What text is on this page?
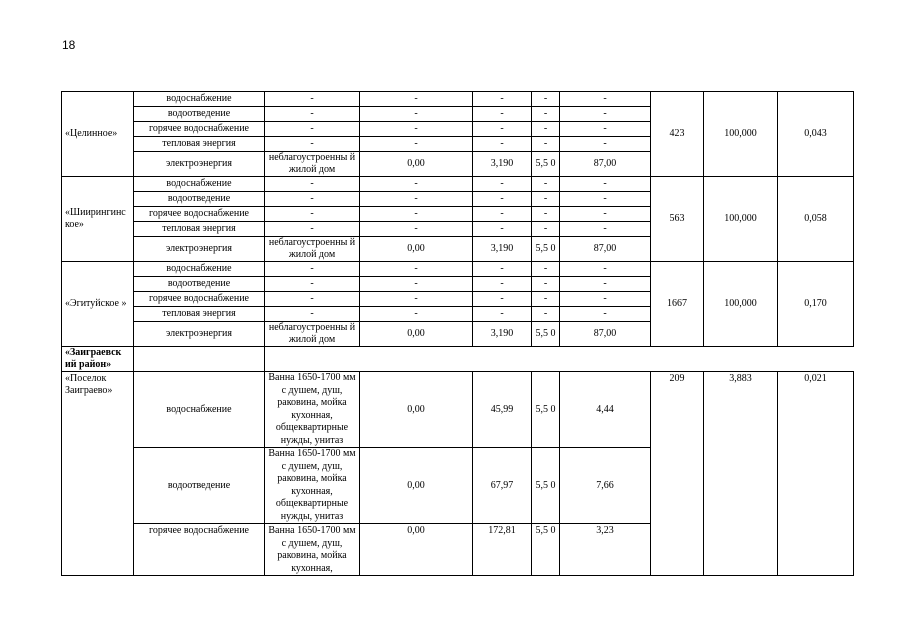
18
«Целинное»	водоснабжение	-	-	-	-	-	423	100,000	0,043
	водоотведение	-	-	-	-	-			
	горячее водоснабжение	-	-	-	-	-			
	тепловая энергия	-	-	-	-	-			
	электроэнергия	неблагоустроенны й жилой дом	0,00	3,190	5,5 0	87,00			
«Шиирингинс кое»	водоснабжение	-	-	-	-	-	563	100,000	0,058
	водоотведение	-	-	-	-	-			
	горячее водоснабжение	-	-	-	-	-			
	тепловая энергия	-	-	-	-	-			
	электроэнергия	неблагоустроенны й жилой дом	0,00	3,190	5,5 0	87,00			
«Эгитуйское »	водоснабжение	-	-	-	-	-	1667	100,000	0,170
	водоотведение	-	-	-	-	-			
	горячее водоснабжение	-	-	-	-	-			
	тепловая энергия	-	-	-	-	-			
	электроэнергия	неблагоустроенны й жилой дом	0,00	3,190	5,5 0	87,00			
«Заиграевск ий район»									
«Поселок Заиграево»	водоснабжение	Ванна 1650-1700 мм с душем, душ, раковина, мойка кухонная, общеквартирные нужды, унитаз	0,00	45,99	5,5 0	4,44	209	3,883	0,021
	водоотведение	Ванна 1650-1700 мм с душем, душ, раковина, мойка кухонная, общеквартирные нужды, унитаз	0,00	67,97	5,5 0	7,66			
	горячее водоснабжение	Ванна 1650-1700 мм с душем, душ, раковина, мойка кухонная,	0,00	172,81	5,5 0	3,23			
